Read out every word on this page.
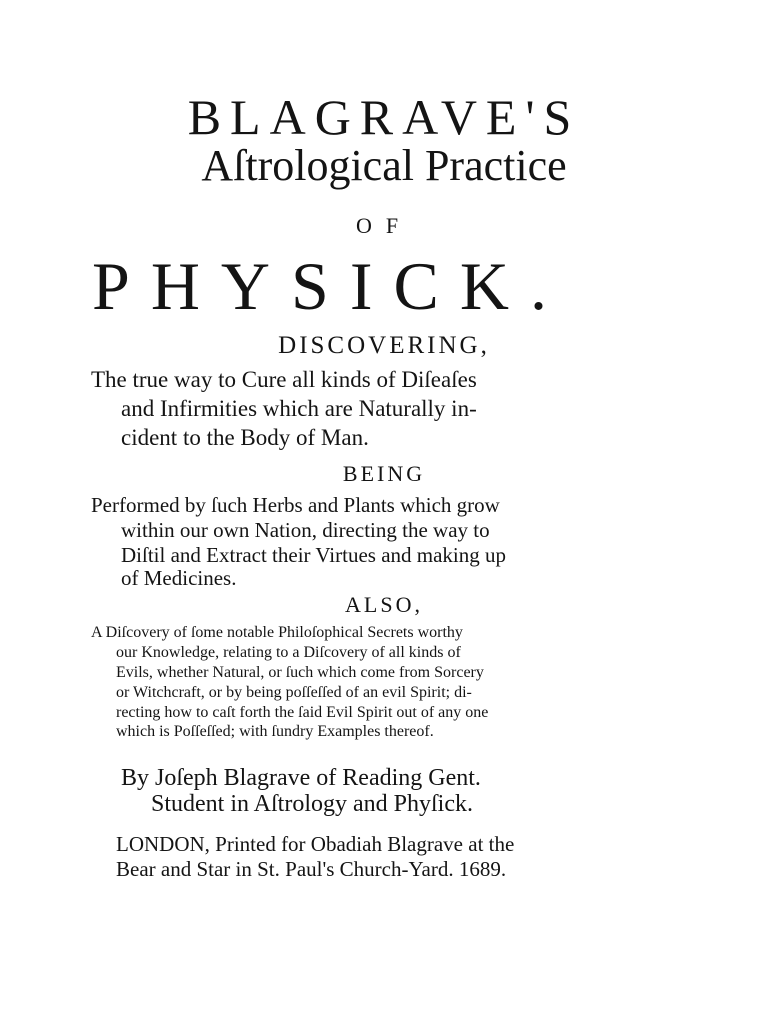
BLAGRAVE'S
Aſtrological Practice
OF
PHYSICK.
DISCOVERING,
The true way to Cure all kinds of Diſeaſes
and Infirmities which are Naturally in-
cident to the Body of Man.
BEING
Performed by ſuch Herbs and Plants which grow
within our own Nation, directing the way to
Diſtil and Extract their Virtues and making up
of Medicines.
ALSO,
A Diſcovery of ſome notable Philoſophical Secrets worthy
our Knowledge, relating to a Diſcovery of all kinds of
Evils, whether Natural, or ſuch which come from Sorcery
or Witchcraft, or by being poſſeſſed of an evil Spirit; di-
recting how to caſt forth the ſaid Evil Spirit out of any one
which is Poſſeſſed; with ſundry Examples thereof.
By Joſeph Blagrave of Reading Gent.
Student in Aſtrology and Phyſick.
LONDON, Printed for Obadiah Blagrave at the
Bear and Star in St. Paul's Church-Yard. 1689.
